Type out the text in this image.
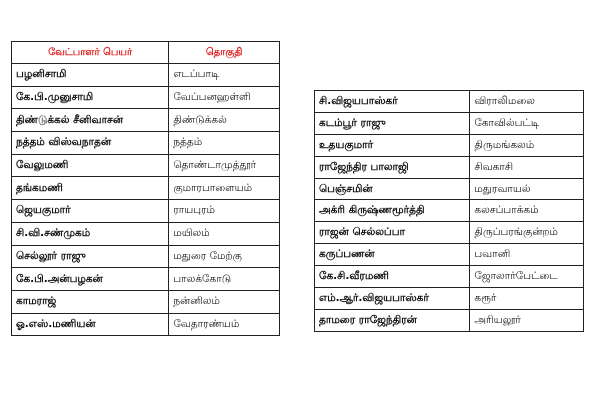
வேட்பாளர் பெயர்	தொகுதி
பழனிசாமி	எடப்பாடி
கே.பி.முனுசாமி	வேப்பனஹள்ளி
திண்டுக்கல் சீனிவாசன்	திண்டுக்கல்
நத்தம் விஸ்வநாதன்	நத்தம்
வேலுமணி	தொண்டாமுத்தூர்
தங்கமணி	குமாரபாளையம்
ஜெயகுமார்	ராயபுரம்
சி.வி.சண்முகம்	மயிலம்
செல்லூர் ராஜு	மதுரை மேற்கு
கே.பி.அன்பழகன்	பாலக்கோடு
காமராஜ்	நன்னிலம்
ஓ.எஸ்.மணியன்	வேதாரண்யம்
சி.விஜயபாஸ்கர்	விராலிமலை
கடம்பூர் ராஜு	கோவில்பட்டி
உதயகுமார்	திருமங்கலம்
ராஜேந்திர பாலாஜி	சிவகாசி
பெஞ்சமின்	மதுரவாயல்
அக்ரி கிருஷ்ணமூர்த்தி	கலசப்பாக்கம்
ராஜன் செல்லப்பா	திருப்பரங்குன்றம்
கருப்பணன்	பவானி
கே.சி.வீரமணி	ஜோலார்பேட்டை
எம்.ஆர்.விஜயபாஸ்கர்	கரூர்
தாமரை ராஜேந்திரன்	அரியலூர்
